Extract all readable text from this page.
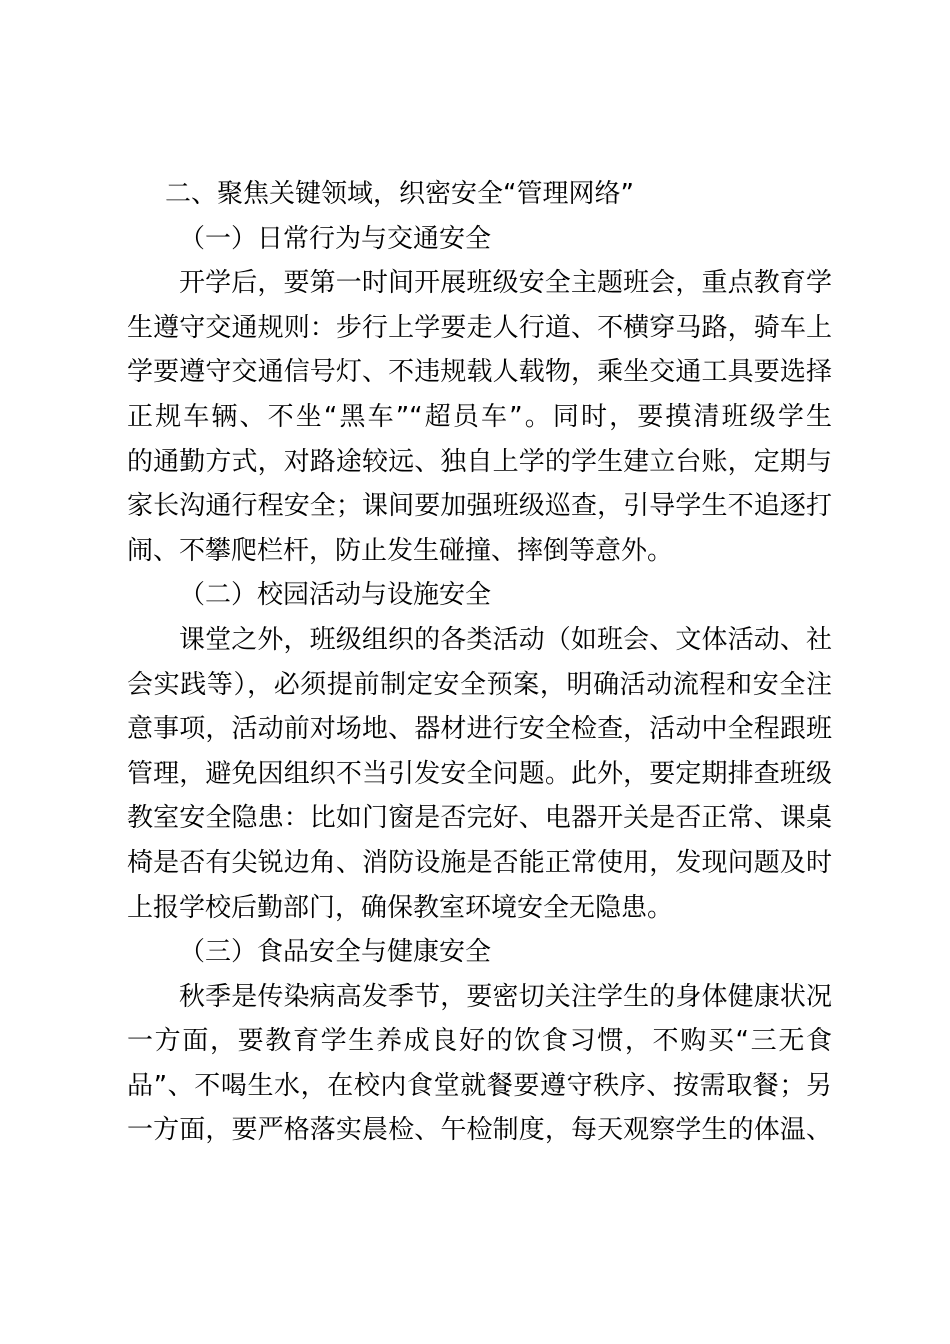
二、聚焦关键领域，织密安全“管理网络”
（一）日常行为与交通安全
开学后，要第一时间开展班级安全主题班会，重点教育学
生遵守交通规则：步行上学要走人行道、不横穿马路，骑车上
学要遵守交通信号灯、不违规载人载物，乘坐交通工具要选择
正规车辆、不坐“黑车”“超员车”。同时，要摸清班级学生
的通勤方式，对路途较远、独自上学的学生建立台账，定期与
家长沟通行程安全；课间要加强班级巡查，引导学生不追逐打
闹、不攀爬栏杆，防止发生碰撞、摔倒等意外。
（二）校园活动与设施安全
课堂之外，班级组织的各类活动（如班会、文体活动、社
会实践等），必须提前制定安全预案，明确活动流程和安全注
意事项，活动前对场地、器材进行安全检查，活动中全程跟班
管理，避免因组织不当引发安全问题。此外，要定期排查班级
教室安全隐患：比如门窗是否完好、电器开关是否正常、课桌
椅是否有尖锐边角、消防设施是否能正常使用，发现问题及时
上报学校后勤部门，确保教室环境安全无隐患。
（三）食品安全与健康安全
秋季是传染病高发季节，要密切关注学生的身体健康状况
一方面，要教育学生养成良好的饮食习惯，不购买“三无食
品”、不喝生水，在校内食堂就餐要遵守秩序、按需取餐；另
一方面，要严格落实晨检、午检制度，每天观察学生的体温、
